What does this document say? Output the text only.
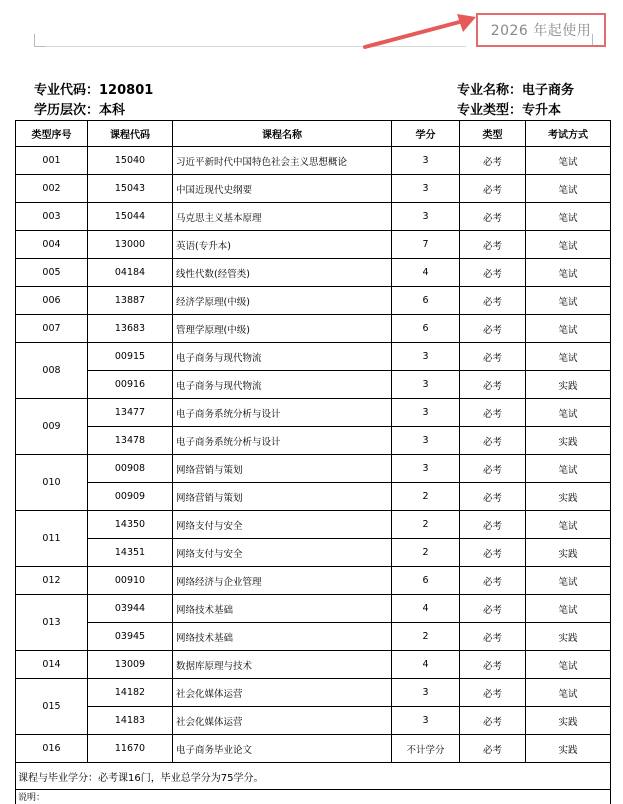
2026 年起使用
专业代码：120801
学历层次：本科
专业名称：电子商务
专业类型：专升本
类型序号	课程代码	课程名称	学分	类型	考试方式
001	15040	习近平新时代中国特色社会主义思想概论	3	必考	笔试
002	15043	中国近现代史纲要	3	必考	笔试
003	15044	马克思主义基本原理	3	必考	笔试
004	13000	英语(专升本)	7	必考	笔试
005	04184	线性代数(经管类)	4	必考	笔试
006	13887	经济学原理(中级)	6	必考	笔试
007	13683	管理学原理(中级)	6	必考	笔试
008	00915	电子商务与现代物流	3	必考	笔试
	00916	电子商务与现代物流	3	必考	实践
009	13477	电子商务系统分析与设计	3	必考	笔试
	13478	电子商务系统分析与设计	3	必考	实践
010	00908	网络营销与策划	3	必考	笔试
	00909	网络营销与策划	2	必考	实践
011	14350	网络支付与安全	2	必考	笔试
	14351	网络支付与安全	2	必考	实践
012	00910	网络经济与企业管理	6	必考	笔试
013	03944	网络技术基础	4	必考	笔试
	03945	网络技术基础	2	必考	实践
014	13009	数据库原理与技术	4	必考	笔试
015	14182	社会化媒体运营	3	必考	笔试
	14183	社会化媒体运营	3	必考	实践
016	11670	电子商务毕业论文	不计学分	必考	实践
课程与毕业学分：必考课16门，毕业总学分为75学分。					
说明：					
